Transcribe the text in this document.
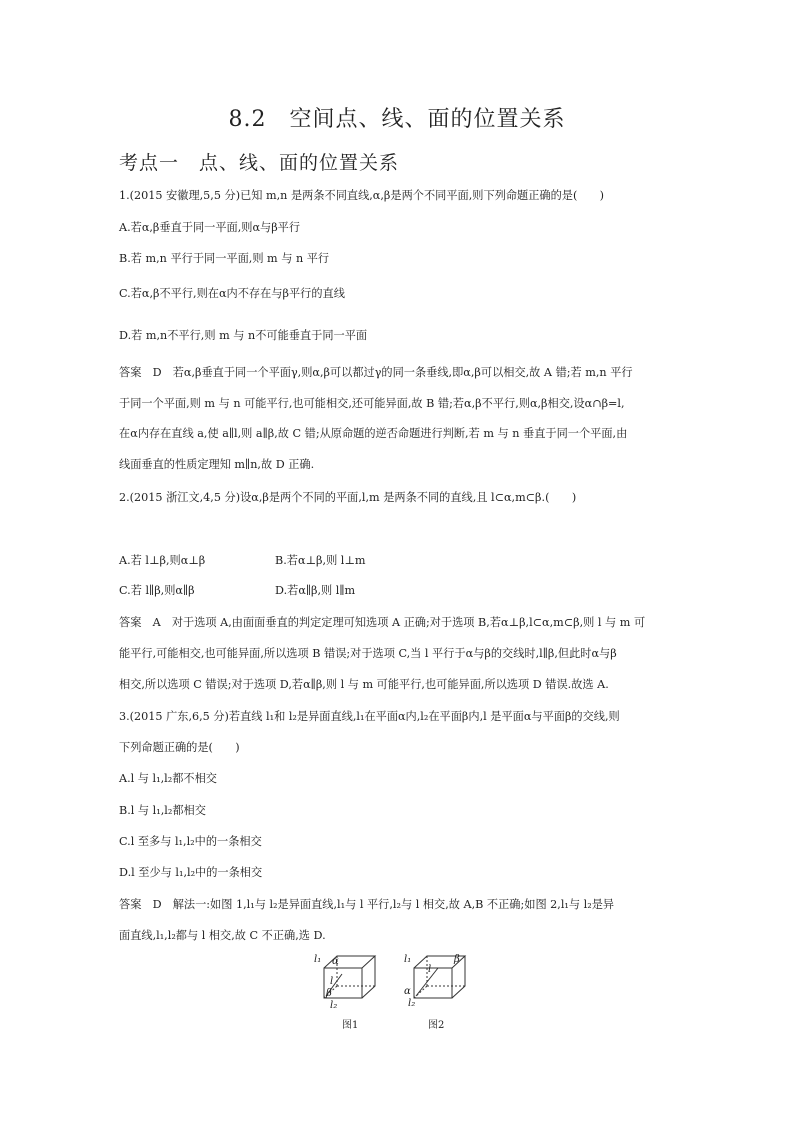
8.2　空间点、线、面的位置关系
考点一　点、线、面的位置关系
1.(2015 安徽理,5,5 分)已知 m,n 是两条不同直线,α,β是两个不同平面,则下列命题正确的是(　　)
A.若α,β垂直于同一平面,则α与β平行
B.若 m,n 平行于同一平面,则 m 与 n 平行
C.若α,β不平行,则在α内不存在与β平行的直线
D.若 m,n不平行,则 m 与 n不可能垂直于同一平面
答案　D　若α,β垂直于同一个平面γ,则α,β可以都过γ的同一条垂线,即α,β可以相交,故 A 错;若 m,n 平行
于同一个平面,则 m 与 n 可能平行,也可能相交,还可能异面,故 B 错;若α,β不平行,则α,β相交,设α∩β=l,
在α内存在直线 a,使 a∥l,则 a∥β,故 C 错;从原命题的逆否命题进行判断,若 m 与 n 垂直于同一个平面,由
线面垂直的性质定理知 m∥n,故 D 正确.
2.(2015 浙江文,4,5 分)设α,β是两个不同的平面,l,m 是两条不同的直线,且 l⊂α,m⊂β.(　　)
A.若 l⊥β,则α⊥β	B.若α⊥β,则 l⊥m
C.若 l∥β,则α∥β	D.若α∥β,则 l∥m
答案　A　对于选项 A,由面面垂直的判定定理可知选项 A 正确;对于选项 B,若α⊥β,l⊂α,m⊂β,则 l 与 m 可
能平行,可能相交,也可能异面,所以选项 B 错误;对于选项 C,当 l 平行于α与β的交线时,l∥β,但此时α与β
相交,所以选项 C 错误;对于选项 D,若α∥β,则 l 与 m 可能平行,也可能异面,所以选项 D 错误.故选 A.
3.(2015 广东,6,5 分)若直线 l₁和 l₂是异面直线,l₁在平面α内,l₂在平面β内,l 是平面α与平面β的交线,则
下列命题正确的是(　　)
A.l 与 l₁,l₂都不相交
B.l 与 l₁,l₂都相交
C.l 至多与 l₁,l₂中的一条相交
D.l 至少与 l₁,l₂中的一条相交
答案　D　解法一:如图 1,l₁与 l₂是异面直线,l₁与 l 平行,l₂与 l 相交,故 A,B 不正确;如图 2,l₁与 l₂是异
面直线,l₁,l₂都与 l 相交,故 C 不正确,选 D.
l₁ α
l
β
l₂
图1
l₁
l
β
α
l₂
图2
